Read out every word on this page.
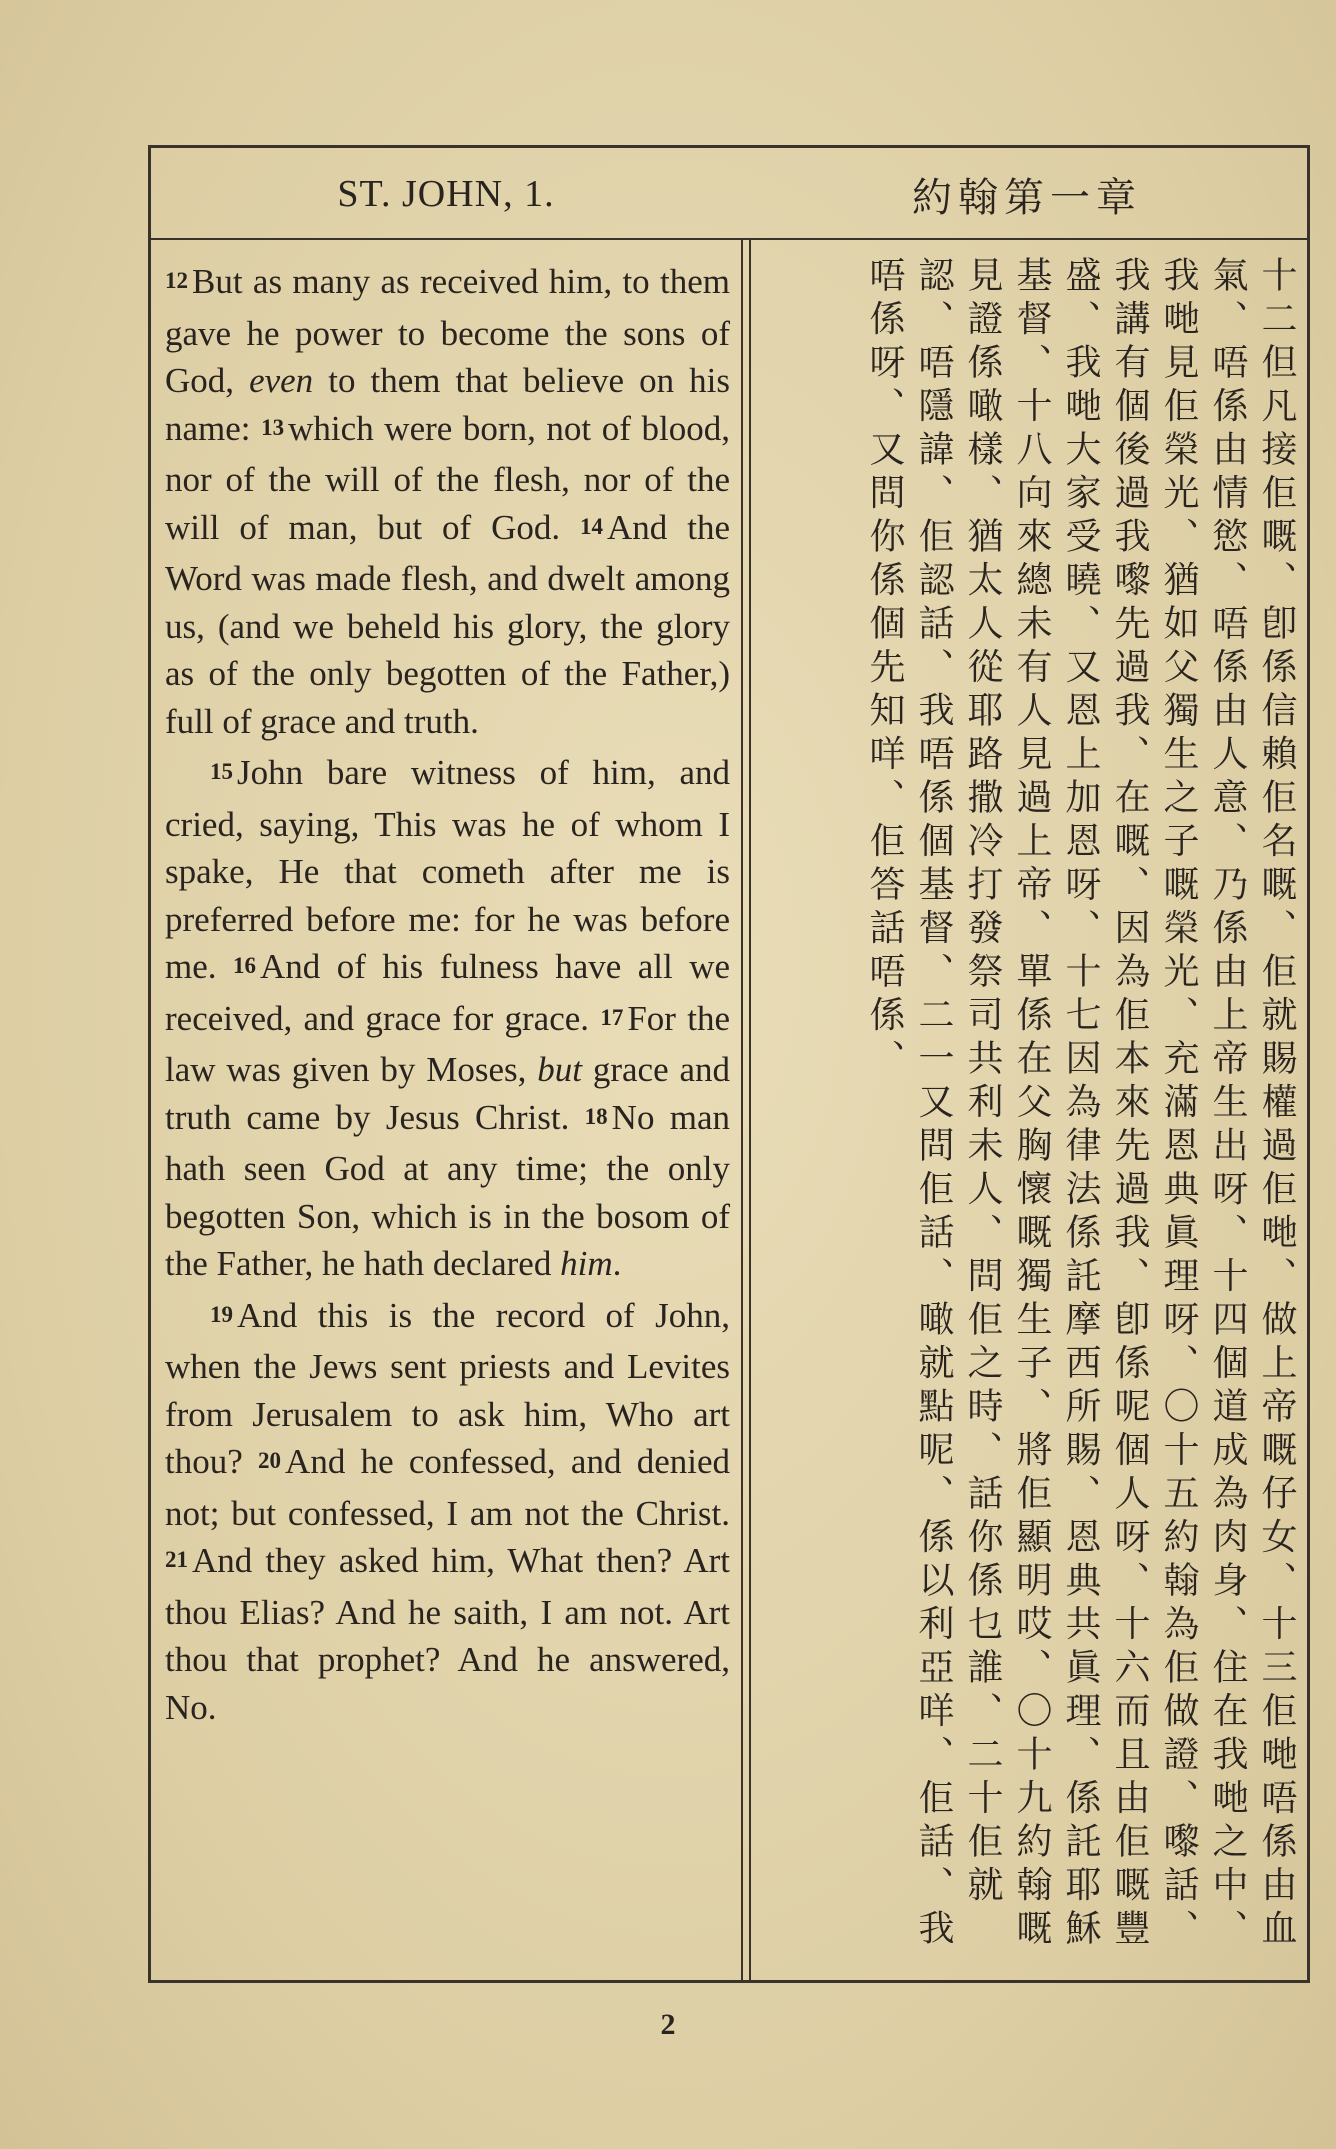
ST. JOHN, 1.	約翰第一章

12 But as many as received him, to them gave he power to become the sons of God, even to them that believe on his name: 13 which were born, not of blood, nor of the will of the flesh, nor of the will of man, but of God. 14 And the Word was made flesh, and dwelt among us, (and we beheld his glory, the glory as of the only begotten of the Father,) full of grace and truth.

15 John bare witness of him, and cried, saying, This was he of whom I spake, He that cometh after me is preferred before me: for he was before me. 16 And of his fulness have all we received, and grace for grace. 17 For the law was given by Moses, but grace and truth came by Jesus Christ. 18 No man hath seen God at any time; the only begotten Son, which is in the bosom of the Father, he hath declared him.

19 And this is the record of John, when the Jews sent priests and Levites from Jerusalem to ask him, Who art thou? 20 And he confessed, and denied not; but confessed, I am not the Christ. 21 And they asked him, What then? Art thou Elias? And he saith, I am not. Art thou that prophet? And he answered, No.	十二但凡接佢嘅、卽係信賴佢名嘅、佢就賜權過佢哋、做上帝嘅仔女、十三佢哋唔係由血氣、唔係由情慾、唔係由人意、乃係由上帝生出呀、十四個道成為肉身、住在我哋之中、我哋見佢榮光、猶如父獨生之子嘅榮光、充滿恩典眞理呀、〇十五約翰為佢做證、嚟話、我講有個後過我嚟先過我、在嘅、因為佢本來先過我、卽係呢個人呀、十六而且由佢嘅豐盛、我哋大家受曉、又恩上加恩呀、十七因為律法係託摩西所賜、恩典共眞理、係託耶穌基督、十八向來總未有人見過上帝、單係在父胸懷嘅獨生子、將佢顯明哎、〇十九約翰嘅見證係噉樣、猶太人從耶路撒冷打發祭司共利未人、問佢之時、話你係乜誰、二十佢就認、唔隱諱、佢認話、我唔係個基督、二一又問佢話、噉就點呢、係以利亞咩、佢話、我唔係呀、又問你係個先知咩、佢答話唔係、
2
